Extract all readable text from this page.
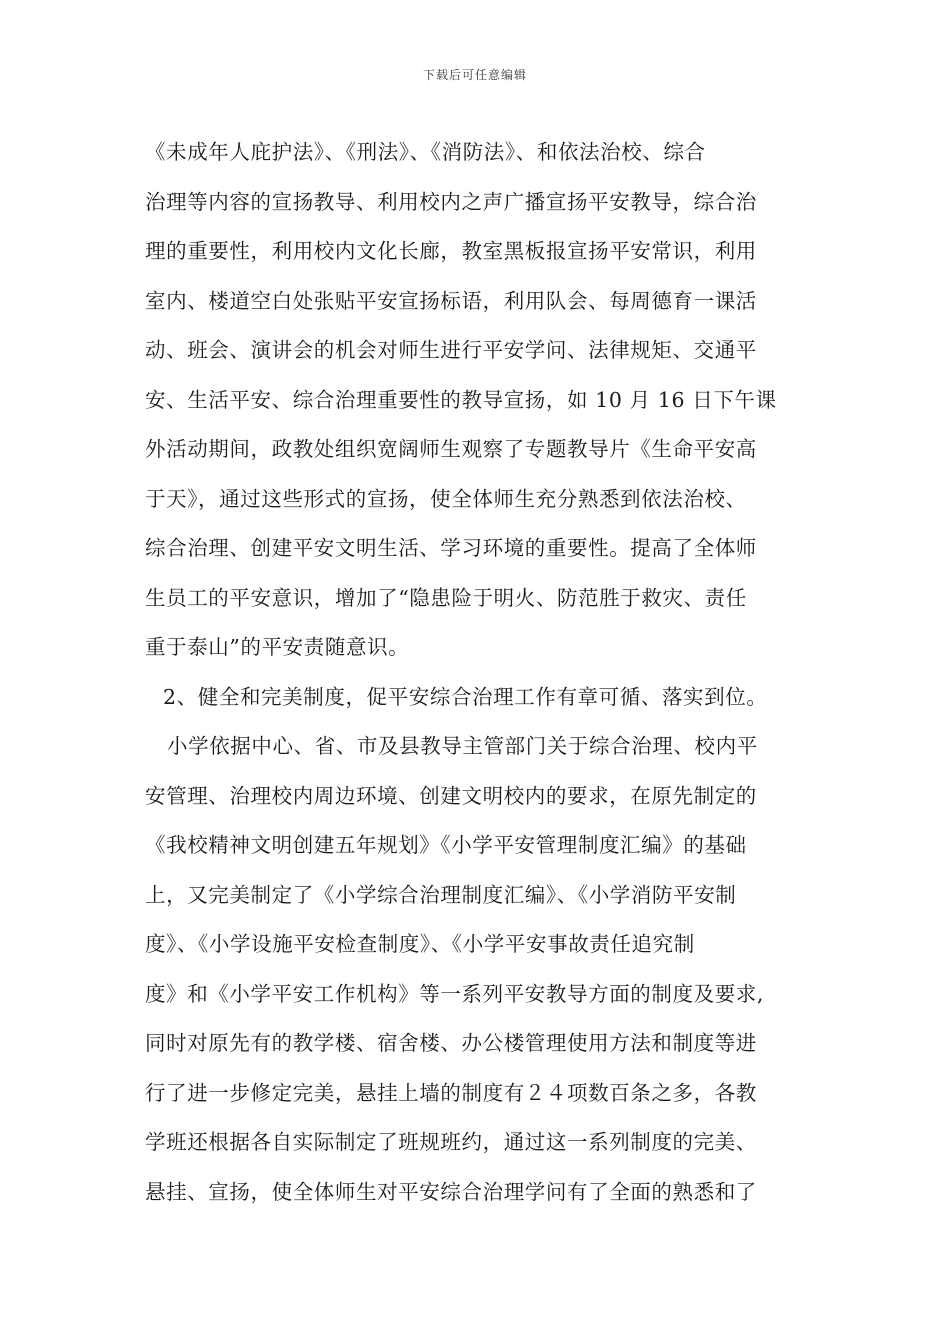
下载后可任意编辑
《未成年人庇护法》、《刑法》、《消防法》、和依法治校、综合
治理等内容的宣扬教导、利用校内之声广播宣扬平安教导，综合治
理的重要性，利用校内文化长廊，教室黑板报宣扬平安常识，利用
室内、楼道空白处张贴平安宣扬标语，利用队会、每周德育一课活
动、班会、演讲会的机会对师生进行平安学问、法律规矩、交通平
安、生活平安、综合治理重要性的教导宣扬，如 10 月 16 日下午课
外活动期间，政教处组织宽阔师生观察了专题教导片《生命平安高
于天》，通过这些形式的宣扬，使全体师生充分熟悉到依法治校、
综合治理、创建平安文明生活、学习环境的重要性。提高了全体师
生员工的平安意识，增加了“隐患险于明火、防范胜于救灾、责任
重于泰山”的平安责随意识。
2、健全和完美制度，促平安综合治理工作有章可循、落实到位。
小学依据中心、省、市及县教导主管部门关于综合治理、校内平
安管理、治理校内周边环境、创建文明校内的要求，在原先制定的
《我校精神文明创建五年规划》《小学平安管理制度汇编》的基础
上，又完美制定了《小学综合治理制度汇编》、《小学消防平安制
度》、《小学设施平安检查制度》、《小学平安事故责任追究制
度》和《小学平安工作机构》等一系列平安教导方面的制度及要求,
同时对原先有的教学楼、宿舍楼、办公楼管理使用方法和制度等进
行了进一步修定完美，悬挂上墙的制度有２４项数百条之多，各教
学班还根据各自实际制定了班规班约，通过这一系列制度的完美、
悬挂、宣扬，使全体师生对平安综合治理学问有了全面的熟悉和了
